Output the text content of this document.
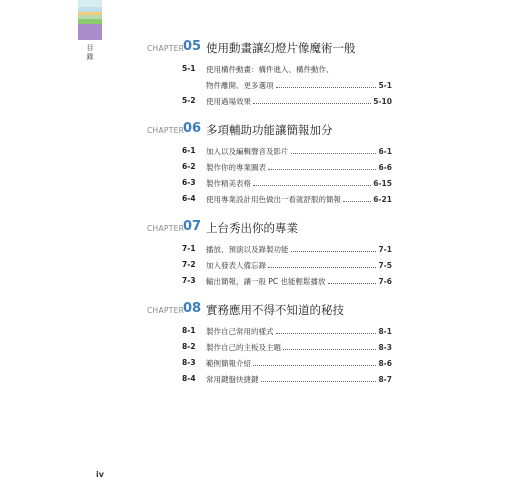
目
錄
CHAPTER
05 使用動畫讓幻燈片像魔術一般
5-1 使用構件動畫：構件進入、構件動作、
物件離開、更多選項	5-1
5-2 使用過場效果	5-10
CHAPTER
06 多項輔助功能讓簡報加分
6-1 加入以及編輯聲音及影片	6-1
6-2 製作你的專業圖表	6-6
6-3 製作精美表格	6-15
6-4 使用專業設計用色做出一看就舒服的簡報	6-21
CHAPTER
07 上台秀出你的專業
7-1 播放、預演以及錄製功能	7-1
7-2 加入發表人備忘錄	7-5
7-3 輸出簡報，讓一般 PC 也能輕鬆播放	7-6
CHAPTER
08 實務應用不得不知道的秘技
8-1 製作自己常用的樣式	8-1
8-2 製作自己的主板及主題	8-3
8-3 範例簡報介紹	8-6
8-4 常用鍵盤快捷鍵	8-7
iv
